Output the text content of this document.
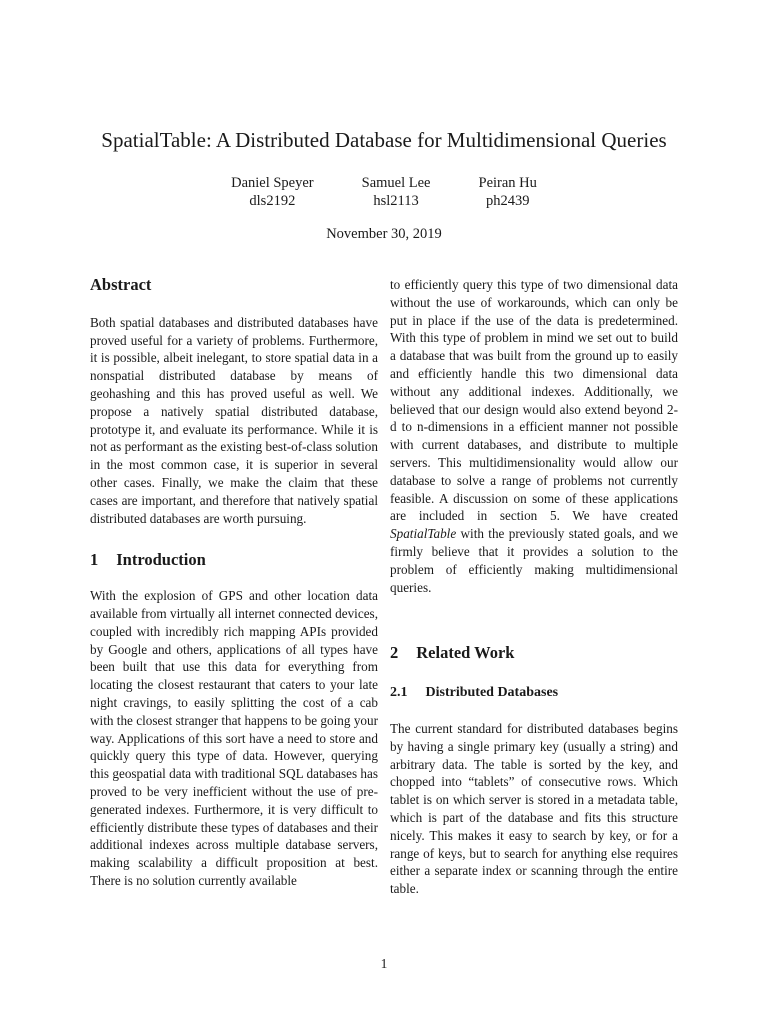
SpatialTable: A Distributed Database for Multidimensional Queries
Daniel Speyer
dls2192
Samuel Lee
hsl2113
Peiran Hu
ph2439
November 30, 2019
Abstract

Both spatial databases and distributed databases have proved useful for a variety of problems. Furthermore, it is possible, albeit inelegant, to store spatial data in a nonspatial distributed database by means of geohashing and this has proved useful as well. We propose a natively spatial distributed database, prototype it, and evaluate its performance. While it is not as performant as the existing best-of-class solution in the most common case, it is superior in several other cases. Finally, we make the claim that these cases are important, and therefore that natively spatial distributed databases are worth pursuing.

1 Introduction

With the explosion of GPS and other location data available from virtually all internet connected devices, coupled with incredibly rich mapping APIs provided by Google and others, applications of all types have been built that use this data for everything from locating the closest restaurant that caters to your late night cravings, to easily splitting the cost of a cab with the closest stranger that happens to be going your way. Applications of this sort have a need to store and quickly query this type of data. However, querying this geospatial data with traditional SQL databases has proved to be very inefficient without the use of pre-generated indexes. Furthermore, it is very difficult to efficiently distribute these types of databases and their additional indexes across multiple database servers, making scalability a difficult proposition at best. There is no solution currently available

to efficiently query this type of two dimensional data without the use of workarounds, which can only be put in place if the use of the data is predetermined. With this type of problem in mind we set out to build a database that was built from the ground up to easily and efficiently handle this two dimensional data without any additional indexes. Additionally, we believed that our design would also extend beyond 2-d to n-dimensions in a efficient manner not possible with current databases, and distribute to multiple servers. This multidimensionality would allow our database to solve a range of problems not currently feasible. A discussion on some of these applications are included in section 5. We have created SpatialTable with the previously stated goals, and we firmly believe that it provides a solution to the problem of efficiently making multidimensional queries.

2 Related Work
2.1 Distributed Databases

The current standard for distributed databases begins by having a single primary key (usually a string) and arbitrary data. The table is sorted by the key, and chopped into “tablets” of consecutive rows. Which tablet is on which server is stored in a metadata table, which is part of the database and fits this structure nicely. This makes it easy to search by key, or for a range of keys, but to search for anything else requires either a separate index or scanning through the entire table.

1
